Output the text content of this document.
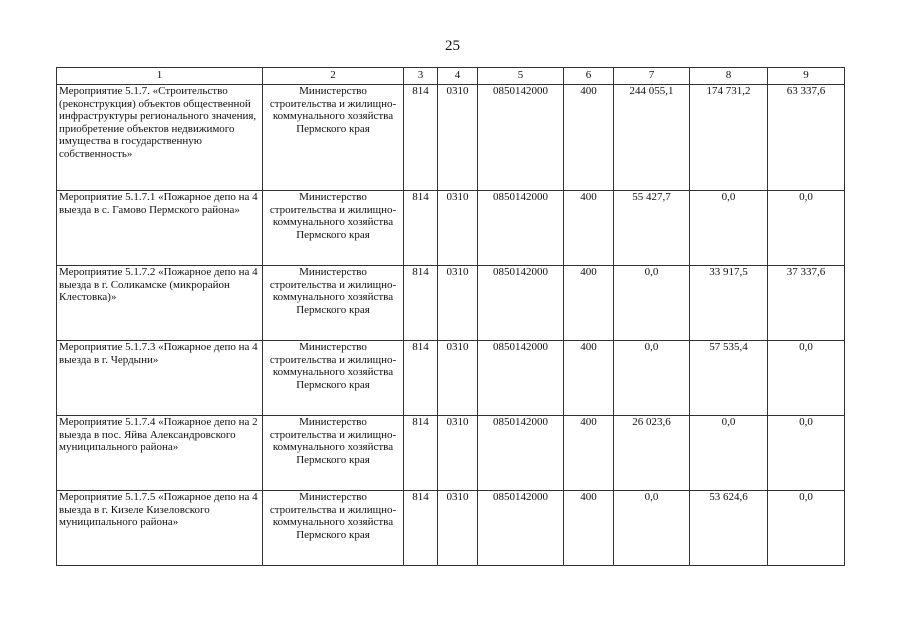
25
1	2	3	4	5	6	7	8	9
Мероприятие 5.1.7. «Строительство (реконструкция) объектов общественной инфраструктуры регионального значения, приобретение объектов недвижимого имущества в государственную собственность»	Министерство строительства и жилищно-коммунального хозяйства Пермского края	814	0310	0850142000	400	244 055,1	174 731,2	63 337,6
Мероприятие 5.1.7.1 «Пожарное депо на 4 выезда в с. Гамово Пермского района»	Министерство строительства и жилищно-коммунального хозяйства Пермского края	814	0310	0850142000	400	55 427,7	0,0	0,0
Мероприятие 5.1.7.2 «Пожарное депо на 4 выезда в г. Соликамске (микрорайон Клестовка)»	Министерство строительства и жилищно-коммунального хозяйства Пермского края	814	0310	0850142000	400	0,0	33 917,5	37 337,6
Мероприятие 5.1.7.3 «Пожарное депо на 4 выезда в г. Чердыни»	Министерство строительства и жилищно-коммунального хозяйства Пермского края	814	0310	0850142000	400	0,0	57 535,4	0,0
Мероприятие 5.1.7.4 «Пожарное депо на 2 выезда в пос. Яйва Александровского муниципального района»	Министерство строительства и жилищно-коммунального хозяйства Пермского края	814	0310	0850142000	400	26 023,6	0,0	0,0
Мероприятие 5.1.7.5 «Пожарное депо на 4 выезда в г. Кизеле Кизеловского муниципального района»	Министерство строительства и жилищно-коммунального хозяйства Пермского края	814	0310	0850142000	400	0,0	53 624,6	0,0
